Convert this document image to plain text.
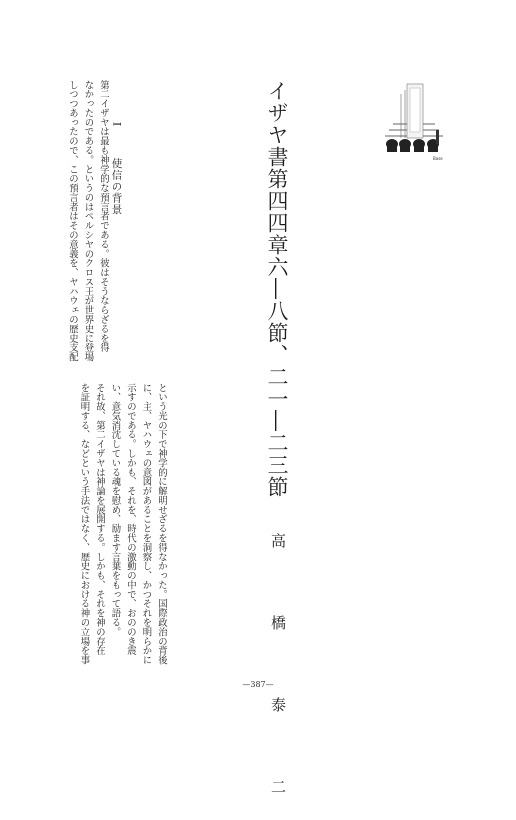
Base
イザヤ書第四四章六―八節、二一―二三節
高　橋　泰　二
I  使信の背景
第二イザヤは最も神学的な預言者である。彼はそうならざるを得
なかったのである。というのはペルシヤのクロス王が世界史に登場
しつつあったので、この預言者はその意義を、ヤハウェの歴史支配
という光の下で神学的に解明せざるを得なかった。国際政治の背後
に、主、ヤハウェの意図があることを洞察し、かつそれを明らかに
示すのである。しかも、それを、時代の激動の中で、おののき震
い、意気消沈している魂を慰め、励ます言葉をもって語る。
それ故、第二イザヤは神論を展開する。しかも、それを神の存在
を証明する、などという手法ではなく、歴史における神の立場を事
—387—
